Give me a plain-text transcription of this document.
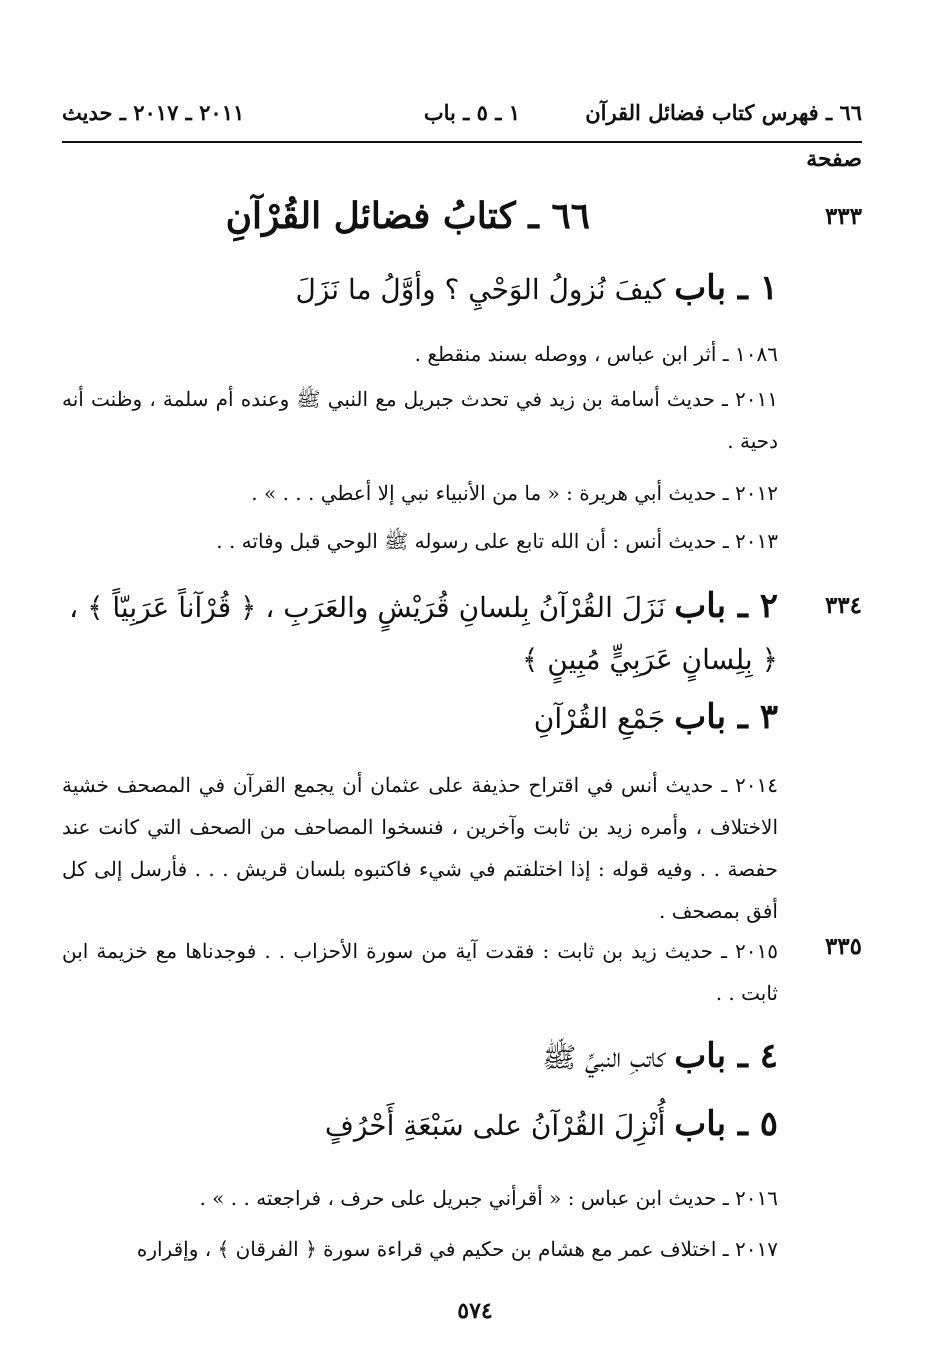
٦٦ ـ فهرس كتاب فضائل القرآن
١ ـ ٥ ـ باب
٢٠١١ ـ ٢٠١٧ ـ حديث
صفحة
٣٣٣
٦٦ ـ كتابُ فضائل القُرْآنِ
١ ـ باب كيفَ نُزولُ الوَحْيِ ؟ وأوَّلُ ما نَزَلَ
١٠٨٦ ـ أثر ابن عباس ، ووصله بسند منقطع .
٢٠١١ ـ حديث أسامة بن زيد في تحدث جبريل مع النبي ﷺ وعنده أم سلمة ، وظنت أنه دحية .
٢٠١٢ ـ حديث أبي هريرة : « ما من الأنبياء نبي إلا أعطي . . . » .
٢٠١٣ ـ حديث أنس : أن الله تابع على رسوله ﷺ الوحي قبل وفاته . .
٣٣٤
٢ ـ باب نَزَلَ القُرْآنُ بِلسانِ قُرَيْشٍ والعَرَبِ ، ﴿ قُرْآناً عَرَبِيّاً ﴾ ، ﴿ بِلِسانٍ عَرَبِيٍّ مُبِينٍ ﴾
٣ ـ باب جَمْعِ القُرْآنِ
٢٠١٤ ـ حديث أنس في اقتراح حذيفة على عثمان أن يجمع القرآن في المصحف خشية الاختلاف ، وأمره زيد بن ثابت وآخرين ، فنسخوا المصاحف من الصحف التي كانت عند حفصة . . وفيه قوله : إذا اختلفتم في شيء فاكتبوه بلسان قريش . . . فأرسل إلى كل أفق بمصحف .
٣٣٥
٢٠١٥ ـ حديث زيد بن ثابت : فقدت آية من سورة الأحزاب . . فوجدناها مع خزيمة ابن ثابت . .
٤ ـ باب كاتبِ النبيِّ ﷺ
٥ ـ باب أُنْزِلَ القُرْآنُ على سَبْعَةِ أَحْرُفٍ
٢٠١٦ ـ حديث ابن عباس : « أقرأني جبريل على حرف ، فراجعته . . » .
٢٠١٧ ـ اختلاف عمر مع هشام بن حكيم في قراءة سورة ﴿ الفرقان ﴾ ، وإقراره
٥٧٤
